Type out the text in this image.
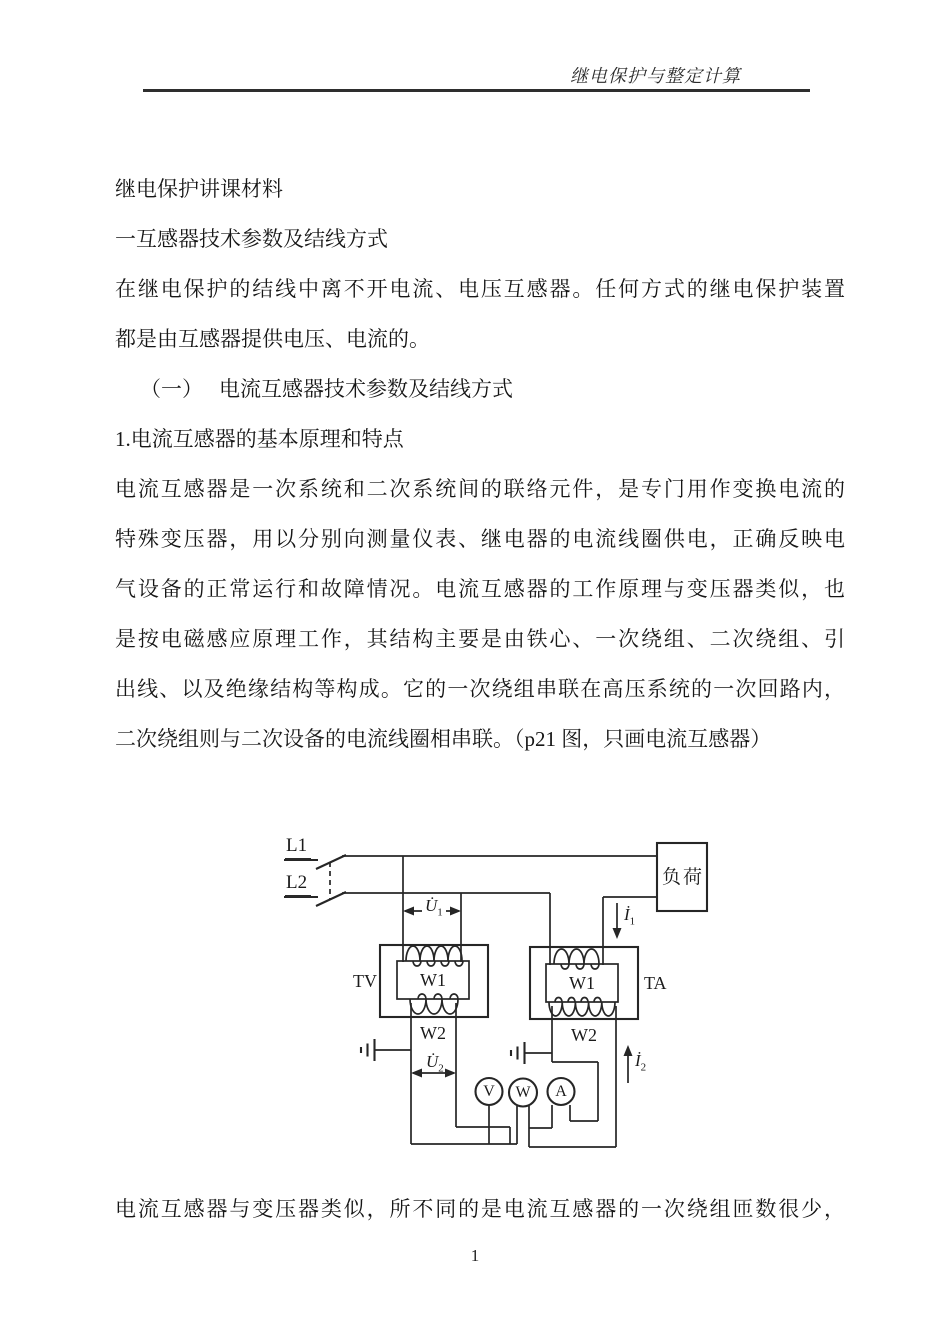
继电保护与整定计算
继电保护讲课材料
一互感器技术参数及结线方式
在继电保护的结线中离不开电流、电压互感器。任何方式的继电保护装置
都是由互感器提供电压、电流的。
（一） 电流互感器技术参数及结线方式
1.电流互感器的基本原理和特点
电流互感器是一次系统和二次系统间的联络元件，是专门用作变换电流的
特殊变压器，用以分别向测量仪表、继电器的电流线圈供电，正确反映电
气设备的正常运行和故障情况。电流互感器的工作原理与变压器类似，也
是按电磁感应原理工作，其结构主要是由铁心、一次绕组、二次绕组、引
出线、以及绝缘结构等构成。它的一次绕组串联在高压系统的一次回路内，
二次绕组则与二次设备的电流线圈相串联。（p21 图，只画电流互感器）
电流互感器与变压器类似，所不同的是电流互感器的一次绕组匝数很少，
L1
L2	负荷
$U̇_1$	$İ_1$
$U̇_2$	$İ_2$
TV	TA
W1
W2
W1
W2
V W A
1
